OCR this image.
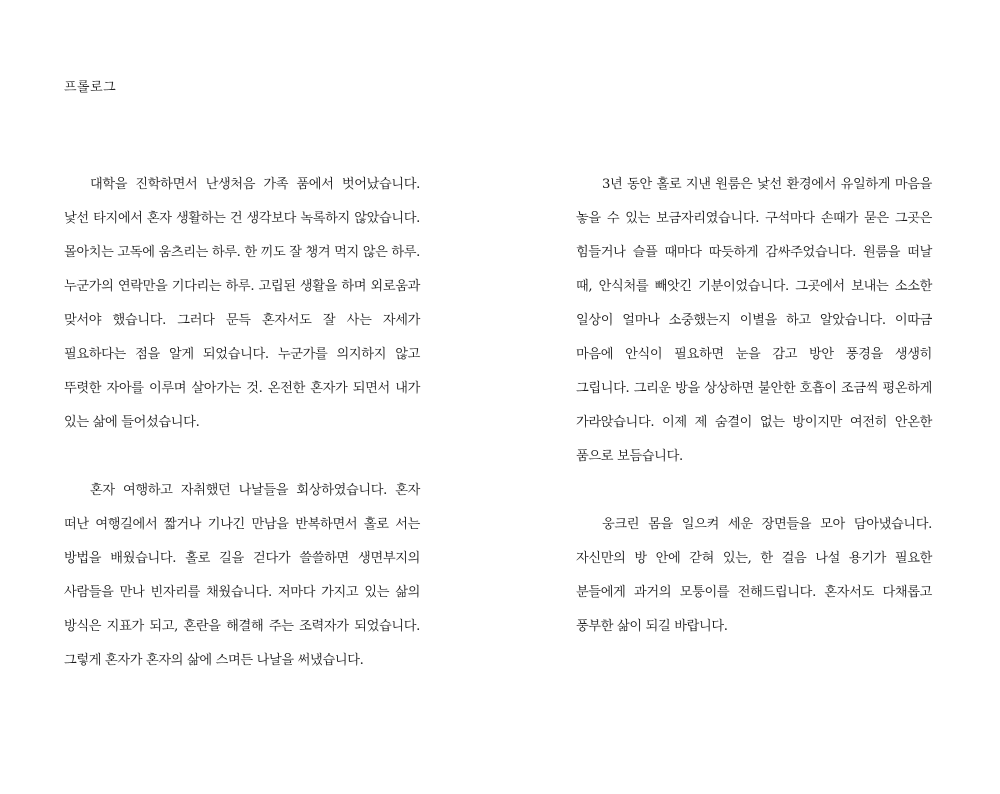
프롤로그

대학을 진학하면서 난생처음 가족 품에서 벗어났습니다. 낯선 타지에서 혼자 생활하는 건 생각보다 녹록하지 않았습니다. 몰아치는 고독에 움츠리는 하루. 한 끼도 잘 챙겨 먹지 않은 하루. 누군가의 연락만을 기다리는 하루. 고립된 생활을 하며 외로움과 맞서야 했습니다. 그러다 문득 혼자서도 잘 사는 자세가 필요하다는 점을 알게 되었습니다. 누군가를 의지하지 않고 뚜렷한 자아를 이루며 살아가는 것. 온전한 혼자가 되면서 내가 있는 삶에 들어섰습니다.

혼자 여행하고 자취했던 나날들을 회상하였습니다. 혼자 떠난 여행길에서 짧거나 기나긴 만남을 반복하면서 홀로 서는 방법을 배웠습니다. 홀로 길을 걷다가 쓸쓸하면 생면부지의 사람들을 만나 빈자리를 채웠습니다. 저마다 가지고 있는 삶의 방식은 지표가 되고, 혼란을 해결해 주는 조력자가 되었습니다. 그렇게 혼자가 혼자의 삶에 스며든 나날을 써냈습니다.

3년 동안 홀로 지낸 원룸은 낯선 환경에서 유일하게 마음을 놓을 수 있는 보금자리였습니다. 구석마다 손때가 묻은 그곳은 힘들거나 슬플 때마다 따듯하게 감싸주었습니다. 원룸을 떠날 때, 안식처를 빼앗긴 기분이었습니다. 그곳에서 보내는 소소한 일상이 얼마나 소중했는지 이별을 하고 알았습니다. 이따금 마음에 안식이 필요하면 눈을 감고 방안 풍경을 생생히 그립니다. 그리운 방을 상상하면 불안한 호흡이 조금씩 평온하게 가라앉습니다. 이제 제 숨결이 없는 방이지만 여전히 안온한 품으로 보듬습니다.

웅크린 몸을 일으켜 세운 장면들을 모아 담아냈습니다. 자신만의 방 안에 갇혀 있는, 한 걸음 나설 용기가 필요한 분들에게 과거의 모퉁이를 전해드립니다. 혼자서도 다채롭고 풍부한 삶이 되길 바랍니다.
